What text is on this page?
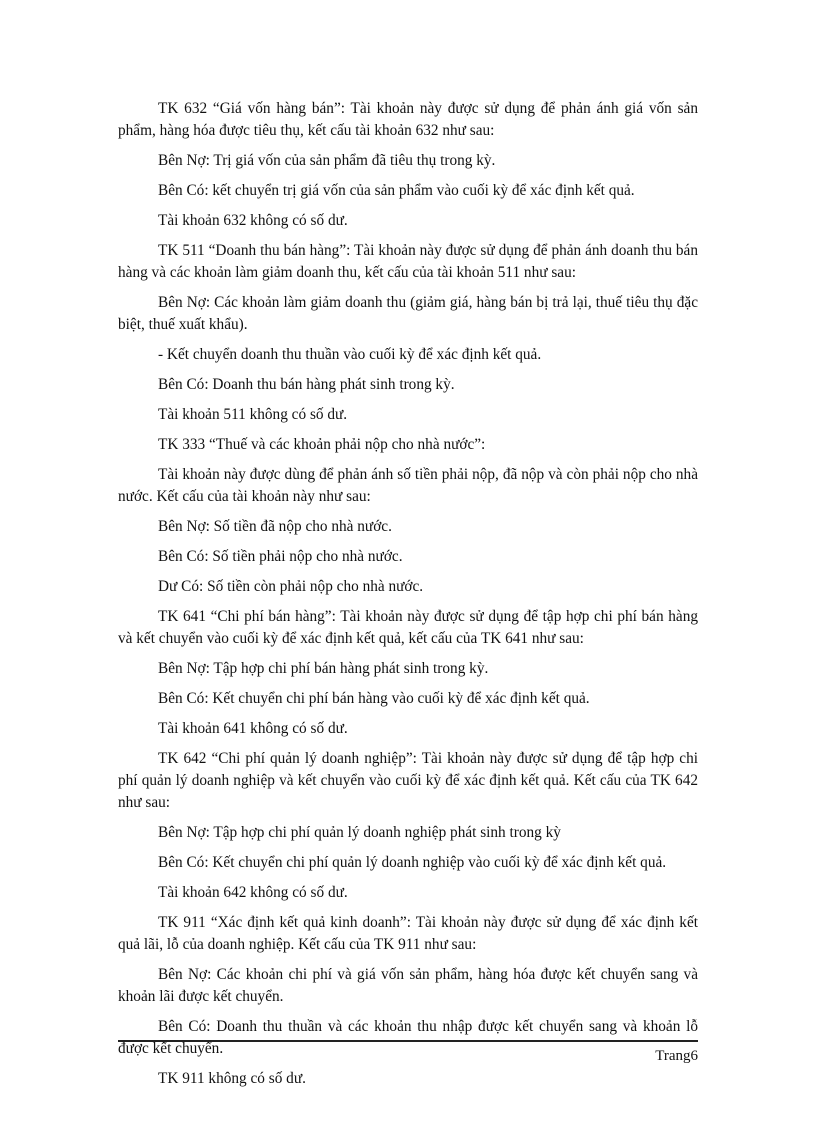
TK 632 “Giá vốn hàng bán”: Tài khoản này được sử dụng để phản ánh giá vốn sản phẩm, hàng hóa được tiêu thụ, kết cấu tài khoản 632 như sau:

Bên Nợ: Trị giá vốn của sản phẩm đã tiêu thụ trong kỳ.

Bên Có: kết chuyển trị giá vốn của sản phẩm vào cuối kỳ để xác định kết quả.

Tài khoản 632 không có số dư.

TK 511 “Doanh thu bán hàng”: Tài khoản này được sử dụng để phản ánh doanh thu bán hàng và các khoản làm giảm doanh thu, kết cấu của tài khoản 511 như sau:

Bên Nợ: Các khoản làm giảm doanh thu (giảm giá, hàng bán bị trả lại, thuế tiêu thụ đặc biệt, thuế xuất khẩu).

- Kết chuyển doanh thu thuần vào cuối kỳ để xác định kết quả.

Bên Có: Doanh thu bán hàng phát sinh trong kỳ.

Tài khoản 511 không có số dư.

TK 333 “Thuế và các khoản phải nộp cho nhà nước”:

Tài khoản này được dùng để phản ánh số tiền phải nộp, đã nộp và còn phải nộp cho nhà nước. Kết cấu của tài khoản này như sau:

Bên Nợ: Số tiền đã nộp cho nhà nước.

Bên Có: Số tiền phải nộp cho nhà nước.

Dư Có: Số tiền còn phải nộp cho nhà nước.

TK 641 “Chi phí bán hàng”: Tài khoản này được sử dụng để tập hợp chi phí bán hàng và kết chuyển vào cuối kỳ để xác định kết quả, kết cấu của TK 641 như sau:

Bên Nợ: Tập hợp chi phí bán hàng phát sinh trong kỳ.

Bên Có: Kết chuyển chi phí bán hàng vào cuối kỳ để xác định kết quả.

Tài khoản 641 không có số dư.

TK 642 “Chi phí quản lý doanh nghiệp”: Tài khoản này được sử dụng để tập hợp chi phí quản lý doanh nghiệp và kết chuyển vào cuối kỳ để xác định kết quả. Kết cấu của TK 642 như sau:

Bên Nợ: Tập hợp chi phí quản lý doanh nghiệp phát sinh trong kỳ

Bên Có: Kết chuyển chi phí quản lý doanh nghiệp vào cuối kỳ để xác định kết quả.

Tài khoản 642 không có số dư.

TK 911 “Xác định kết quả kinh doanh”: Tài khoản này được sử dụng để xác định kết quả lãi, lỗ của doanh nghiệp. Kết cấu của TK 911 như sau:

Bên Nợ: Các khoản chi phí và giá vốn sản phẩm, hàng hóa được kết chuyển sang và khoản lãi được kết chuyển.

Bên Có: Doanh thu thuần và các khoản thu nhập được kết chuyển sang và khoản lỗ được kết chuyển.

TK 911 không có số dư.

Trang6
